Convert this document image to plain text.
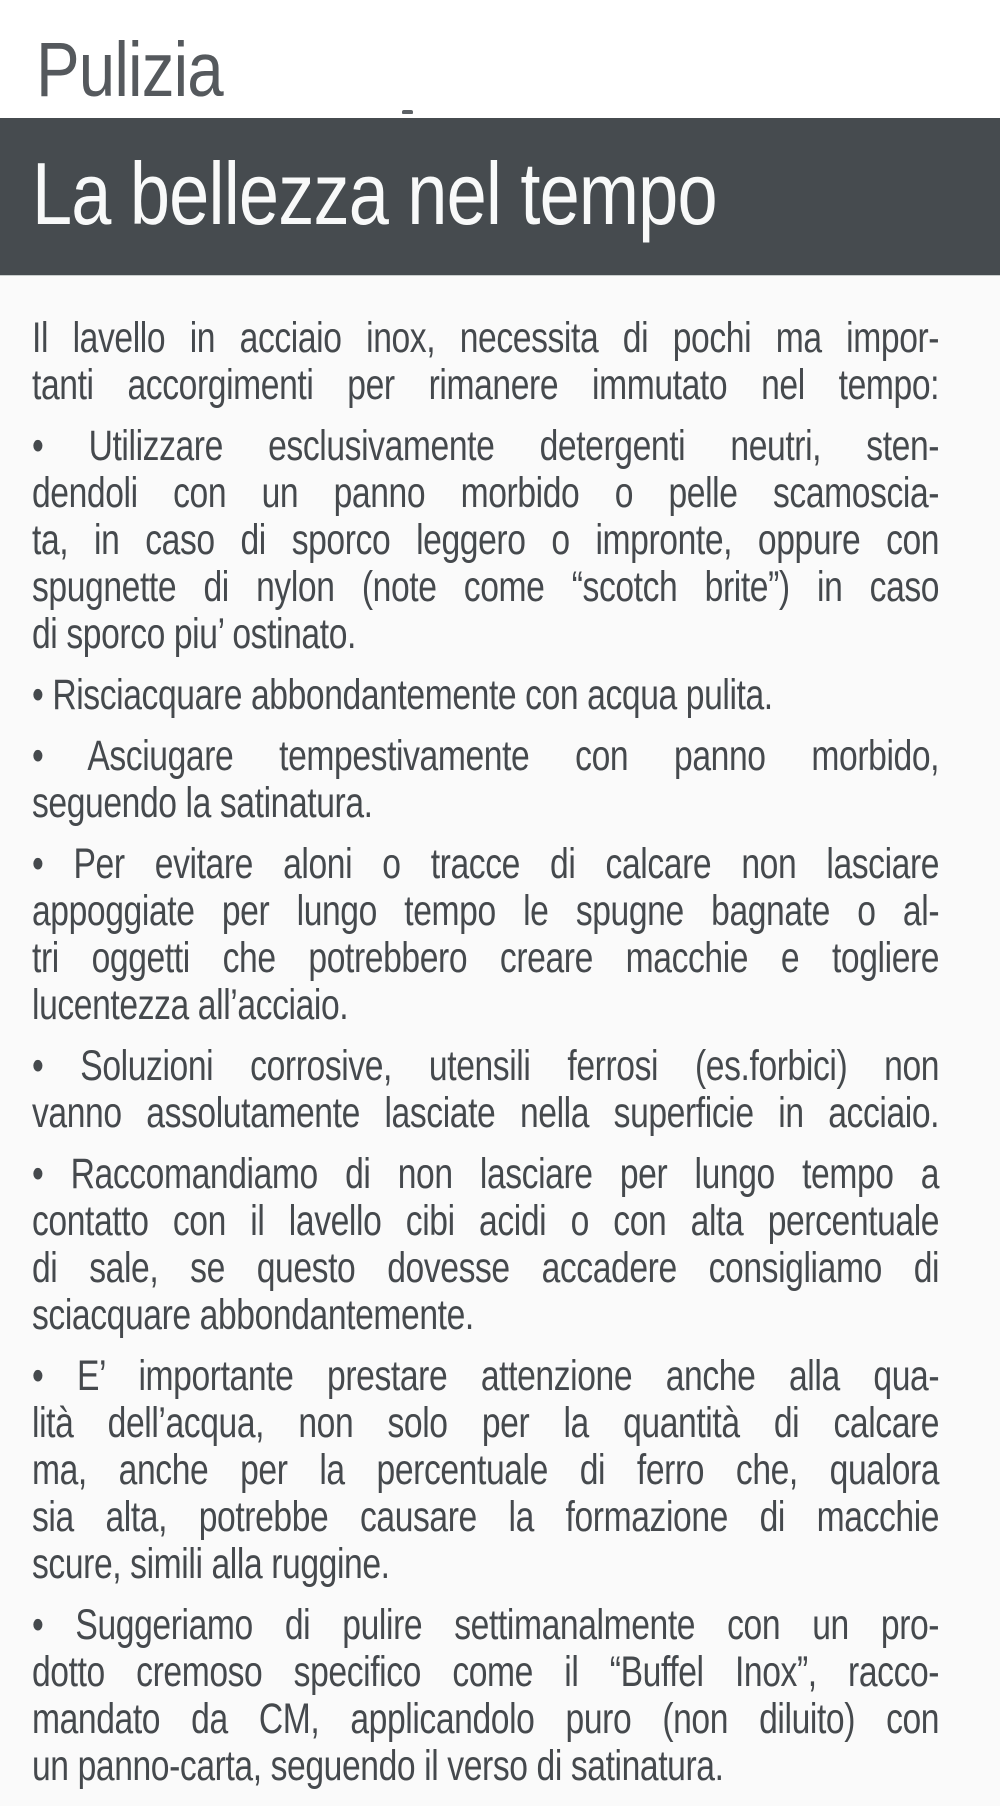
Pulizia
La bellezza nel tempo
Il lavello in acciaio inox, necessita di pochi ma impor-
tanti accorgimenti per rimanere immutato nel tempo:
• Utilizzare esclusivamente detergenti neutri, sten-
dendoli con un panno morbido o pelle scamoscia-
ta, in caso di sporco leggero o impronte, oppure con
spugnette di nylon (note come “scotch brite”) in caso
di sporco piu’ ostinato.
• Risciacquare abbondantemente con acqua pulita.
• Asciugare tempestivamente con panno morbido,
seguendo la satinatura.
• Per evitare aloni o tracce di calcare non lasciare
appoggiate per lungo tempo le spugne bagnate o al-
tri oggetti che potrebbero creare macchie e togliere
lucentezza all’acciaio.
• Soluzioni corrosive, utensili ferrosi (es.forbici) non
vanno assolutamente lasciate nella superficie in acciaio.
• Raccomandiamo di non lasciare per lungo tempo a
contatto con il lavello cibi acidi o con alta percentuale
di sale, se questo dovesse accadere consigliamo di
sciacquare abbondantemente.
• E’ importante prestare attenzione anche alla qua-
lità dell’acqua, non solo per la quantità di calcare
ma, anche per la percentuale di ferro che, qualora
sia alta, potrebbe causare la formazione di macchie
scure, simili alla ruggine.
• Suggeriamo di pulire settimanalmente con un pro-
dotto cremoso specifico come il “Buffel Inox”, racco-
mandato da CM, applicandolo puro (non diluito) con
un panno-carta, seguendo il verso di satinatura.
